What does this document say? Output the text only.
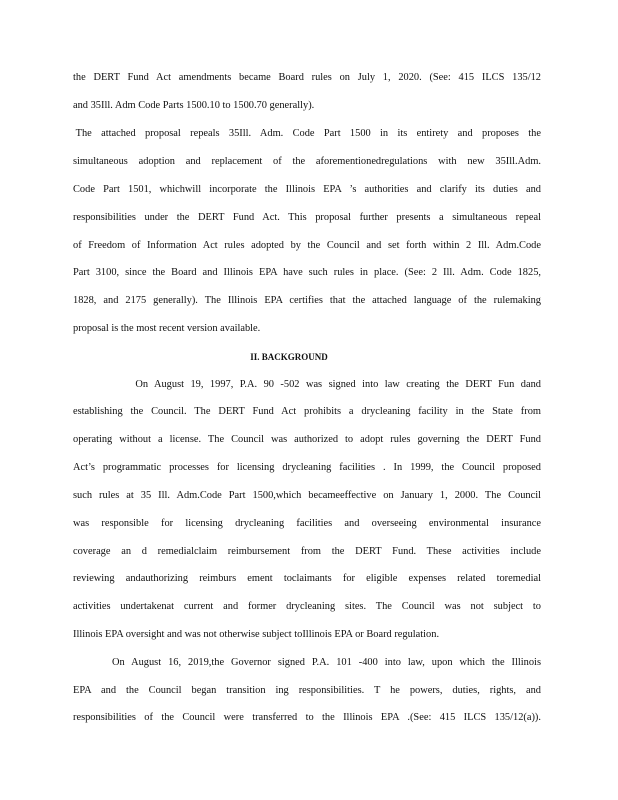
the DERT Fund Act amendments became Board rules on July 1, 2020. (See: 415 ILCS 135/12
and 35Ill. Adm Code Parts 1500.10 to 1500.70 generally).
The attached proposal repeals 35Ill. Adm. Code Part 1500 in its entirety and proposes the
simultaneous adoption and replacement of the aforementionedregulations with new 35Ill.Adm.
Code Part 1501, whichwill incorporate the Illinois EPA ’s authorities and clarify its duties and
responsibilities under the DERT Fund Act. This proposal further presents a simultaneous repeal
of Freedom of Information Act rules adopted by the Council and set forth within 2 Ill. Adm.Code
Part 3100, since the Board and Illinois EPA have such rules in place. (See: 2 Ill. Adm. Code 1825,
1828, and 2175 generally). The Illinois EPA certifies that the attached language of the rulemaking
proposal is the most recent version available.
II. BACKGROUND
On August 19, 1997, P.A. 90 -502 was signed into law creating the DERT Fun dand
establishing the Council. The DERT Fund Act prohibits a drycleaning facility in the State from
operating without a license. The Council was authorized to adopt rules governing the DERT Fund
Act’s programmatic processes for licensing drycleaning facilities . In 1999, the Council proposed
such rules at 35 Ill. Adm.Code Part 1500,which becameeffective on January 1, 2000. The Council
was responsible for licensing drycleaning facilities and overseeing environmental insurance
coverage an d remedialclaim reimbursement from the DERT Fund. These activities include
reviewing andauthorizing reimburs ement toclaimants for eligible expenses related toremedial
activities undertakenat current and former drycleaning sites. The Council was not subject to
Illinois EPA oversight and was not otherwise subject toIllinois EPA or Board regulation.
On August 16, 2019,the Governor signed P.A. 101 -400 into law, upon which the Illinois
EPA and the Council began transition ing responsibilities. T he powers, duties, rights, and
responsibilities of the Council were transferred to the Illinois EPA .(See: 415 ILCS 135/12(a)).
